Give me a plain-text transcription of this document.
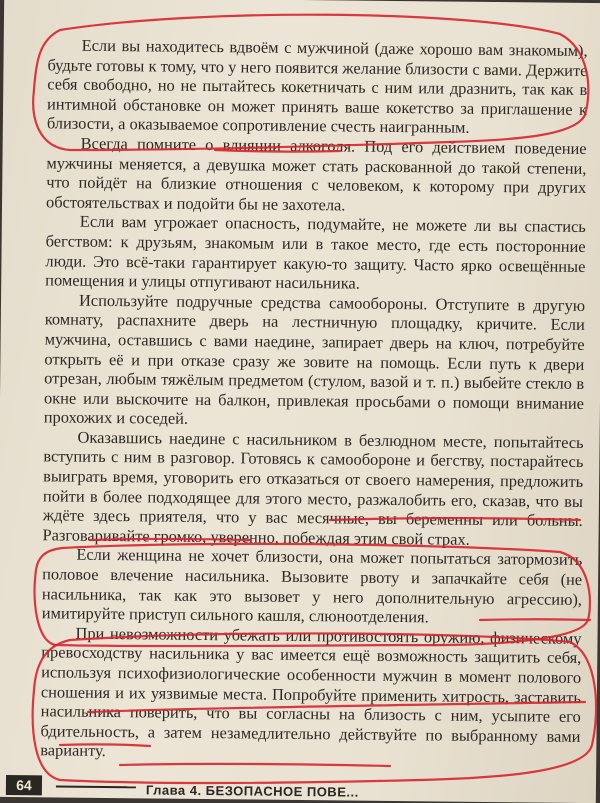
Если вы находитесь вдвоём с мужчиной (даже хорошо вам знакомым), будьте готовы к тому, что у него появится желание близости с вами. Держите себя свободно, но не пытайтесь кокетничать с ним или дразнить, так как в интимной обстановке он может принять ваше кокетство за приглашение к близости, а оказываемое сопротивление счесть наигранным.

Всегда помните о влиянии алкоголя. Под его действием поведение мужчины меняется, а девушка может стать раскованной до такой степени, что пойдёт на близкие отношения с человеком, к которому при других обстоятельствах и подойти бы не захотела.

Если вам угрожает опасность, подумайте, не можете ли вы спастись бегством: к друзьям, знакомым или в такое место, где есть посторонние люди. Это всё-таки гарантирует какую-то защиту. Часто ярко освещённые помещения и улицы отпугивают насильника.

Используйте подручные средства самообороны. Отступите в другую комнату, распахните дверь на лестничную площадку, кричите. Если мужчина, оставшись с вами наедине, запирает дверь на ключ, потребуйте открыть её и при отказе сразу же зовите на помощь. Если путь к двери отрезан, любым тяжёлым предметом (стулом, вазой и т. п.) выбейте стекло в окне или выскочите на балкон, привлекая просьбами о помощи внимание прохожих и соседей.

Оказавшись наедине с насильником в безлюдном месте, попытайтесь вступить с ним в разговор. Готовясь к самообороне и бегству, постарайтесь выиграть время, уговорить его отказаться от своего намерения, предложить пойти в более подходящее для этого место, разжалобить его, сказав, что вы ждёте здесь приятеля, что у вас месячные, вы беременны или больны. Разговаривайте громко, уверенно, побеждая этим свой страх.

Если женщина не хочет близости, она может попытаться затормозить половое влечение насильника. Вызовите рвоту и запачкайте себя (не насильника, так как это вызовет у него дополнительную агрессию), имитируйте приступ сильного кашля, слюноотделения.

При невозможности убежать или противостоять оружию, физическому превосходству насильника у вас имеется ещё возможность защитить себя, используя психофизиологические особенности мужчин в момент полового сношения и их уязвимые места. Попробуйте применить хитрость, заставить насильника поверить, что вы согласны на близость с ним, усыпите его бдительность, а затем незамедлительно действуйте по выбранному вами варианту.

64	Глава 4. БЕЗОПАСНОЕ ПОВЕ...
